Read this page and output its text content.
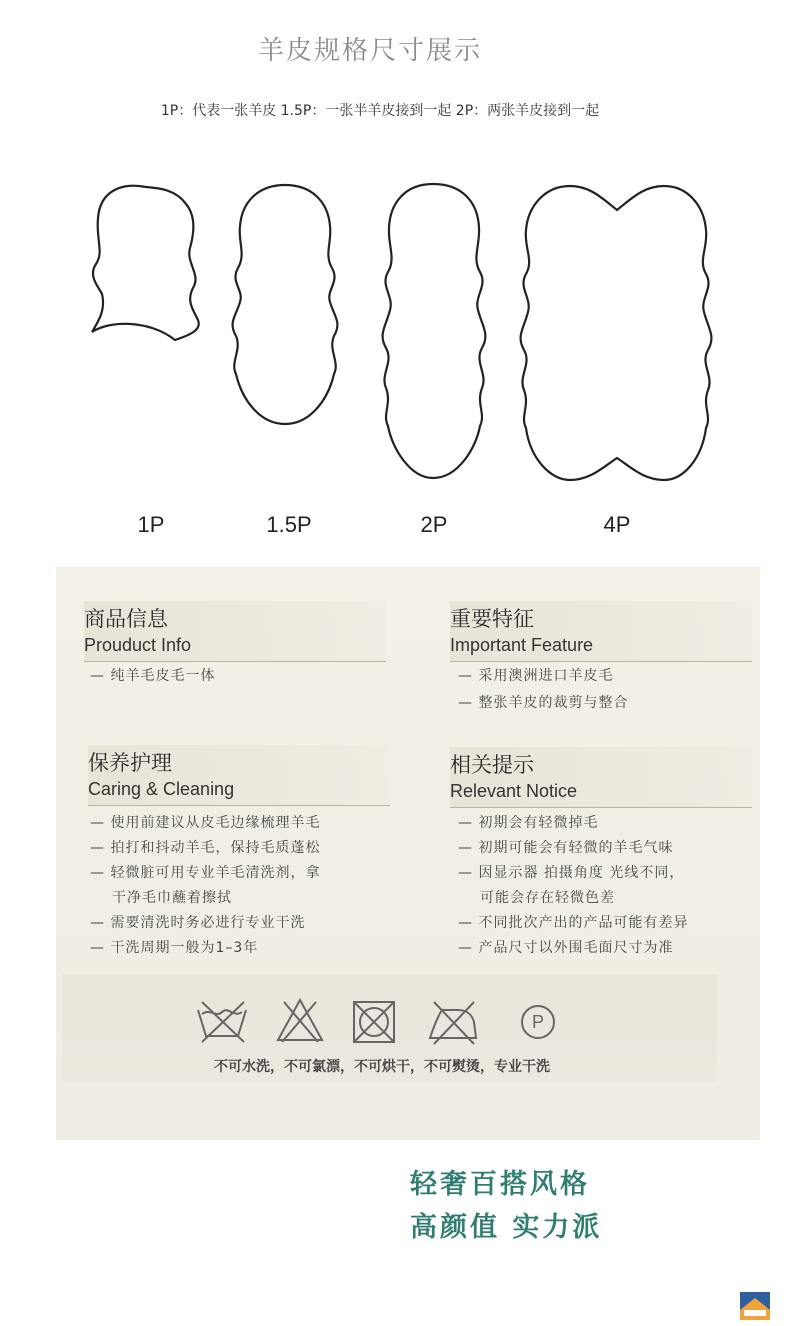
羊皮规格尺寸展示
1P：代表一张羊皮 1.5P：一张半羊皮接到一起 2P：两张羊皮接到一起
1P	1.5P	2P	4P
商品信息
Prouduct Info
— 纯羊毛皮毛一体
重要特征
Important Feature
— 采用澳洲进口羊皮毛
— 整张羊皮的裁剪与整合
保养护理
Caring & Cleaning
— 使用前建议从皮毛边缘梳理羊毛
— 拍打和抖动羊毛，保持毛质蓬松
— 轻微脏可用专业羊毛清洗剂，拿
干净毛巾蘸着擦拭
— 需要清洗时务必进行专业干洗
— 干洗周期一般为1–3年
相关提示
Relevant Notice
— 初期会有轻微掉毛
— 初期可能会有轻微的羊毛气味
— 因显示器 拍摄角度 光线不同，
可能会存在轻微色差
— 不同批次产出的产品可能有差异
— 产品尺寸以外围毛面尺寸为准
P
不可水洗，不可氯漂，不可烘干，不可熨烫，专业干洗
轻奢百搭风格
高颜值 实力派
